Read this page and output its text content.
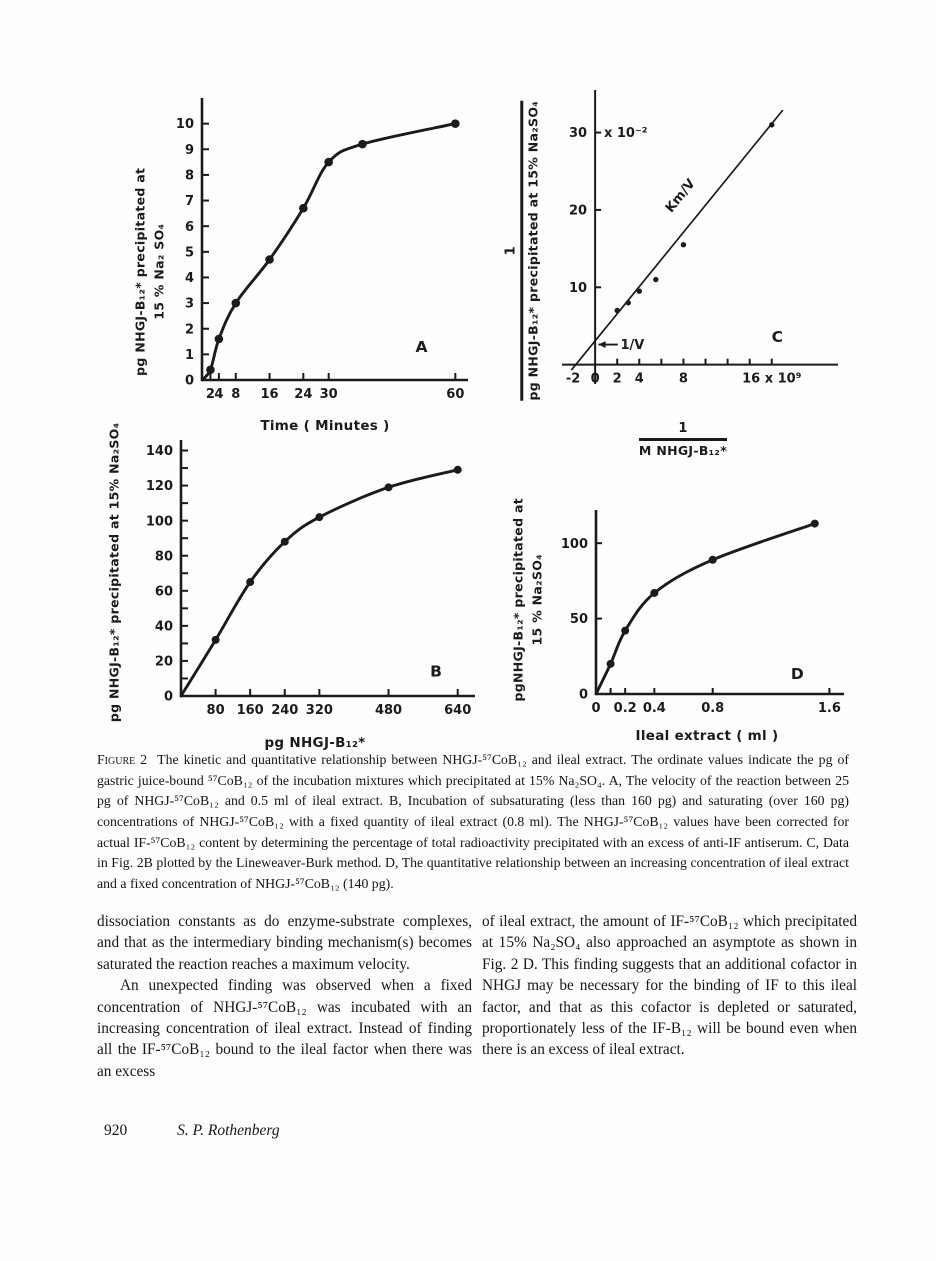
pg NHGJ-B₁₂* precipitated at 15 % Na₂ SO₄
2 4 8 16 24 30	60
0
1
2
3
4
5
6
7
8
9
10
A
Time ( Minutes )
pg NHGJ-B₁₂* precipitated at 15% Na₂SO₄	80 160 240 320	480	640
0
20
40
60
80
100
120
140
B
pg NHGJ-B₁₂*
1 pg NHGJ-B₁₂* precipitated at 15% Na₂SO₄ -2 0 2 4	8	16 x 10⁹
10
20
30
C
x 10⁻²
Km/V
1/V
$\frac{1}{\text{M NHGJ-B₁₂*}}$
pgNHGJ-B₁₂* precipitated at 15 % Na₂SO₄
0 0.2 0.4	0.8	1.6
0
50
100
D
Ileal extract ( ml )
Figure 2 The kinetic and quantitative relationship between NHGJ-⁵⁷CoB₁₂ and ileal extract. The ordinate values indicate the pg of gastric juice-bound ⁵⁷CoB₁₂ of the incubation mixtures which precipitated at 15% Na₂SO₄. A, The velocity of the reaction between 25 pg of NHGJ-⁵⁷CoB₁₂ and 0.5 ml of ileal extract. B, Incubation of subsaturating (less than 160 pg) and saturating (over 160 pg) concentrations of NHGJ-⁵⁷CoB₁₂ with a fixed quantity of ileal extract (0.8 ml). The NHGJ-⁵⁷CoB₁₂ values have been corrected for actual IF-⁵⁷CoB₁₂ content by determining the percentage of total radioactivity precipitated with an excess of anti-IF antiserum. C, Data in Fig. 2B plotted by the Lineweaver-Burk method. D, The quantitative relationship between an increasing concentration of ileal extract and a fixed concentration of NHGJ-⁵⁷CoB₁₂ (140 pg).

dissociation constants as do enzyme-substrate complexes, and that as the intermediary binding mechanism(s) becomes saturated the reaction reaches a maximum velocity.

An unexpected finding was observed when a fixed concentration of NHGJ-⁵⁷CoB₁₂ was incubated with an increasing concentration of ileal extract. Instead of finding all the IF-⁵⁷CoB₁₂ bound to the ileal factor when there was an excess

of ileal extract, the amount of IF-⁵⁷CoB₁₂ which precipitated at 15% Na₂SO₄ also approached an asymptote as shown in Fig. 2 D. This finding suggests that an additional cofactor in NHGJ may be necessary for the binding of IF to this ileal factor, and that as this cofactor is depleted or saturated, proportionately less of the IF-B₁₂ will be bound even when there is an excess of ileal extract.

920	S. P. Rothenberg
